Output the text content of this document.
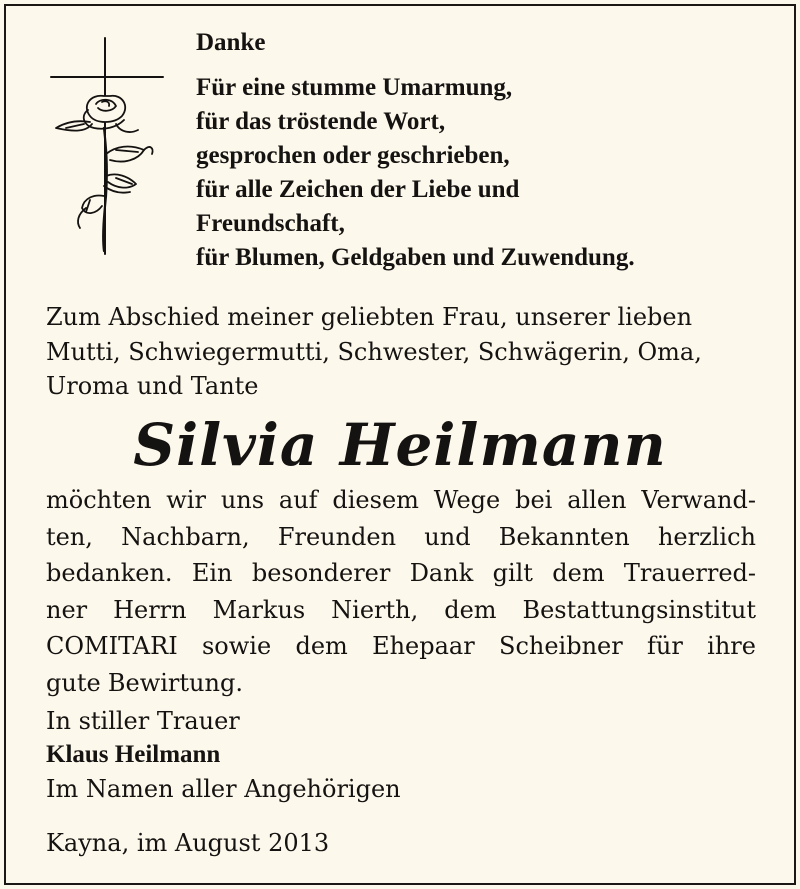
Danke
Für eine stumme Umarmung,
für das tröstende Wort,
gesprochen oder geschrieben,
für alle Zeichen der Liebe und
Freundschaft,
für Blumen, Geldgaben und Zuwendung.
Zum Abschied meiner geliebten Frau, unserer lieben
Mutti, Schwiegermutti, Schwester, Schwägerin, Oma,
Uroma und Tante
Silvia Heilmann
möchten wir uns auf diesem Wege bei allen Verwand-
ten, Nachbarn, Freunden und Bekannten herzlich
bedanken. Ein besonderer Dank gilt dem Trauerred-
ner Herrn Markus Nierth, dem Bestattungsinstitut
COMITARI sowie dem Ehepaar Scheibner für ihre
gute Bewirtung.
In stiller Trauer
Klaus Heilmann
Im Namen aller Angehörigen
Kayna, im August 2013
